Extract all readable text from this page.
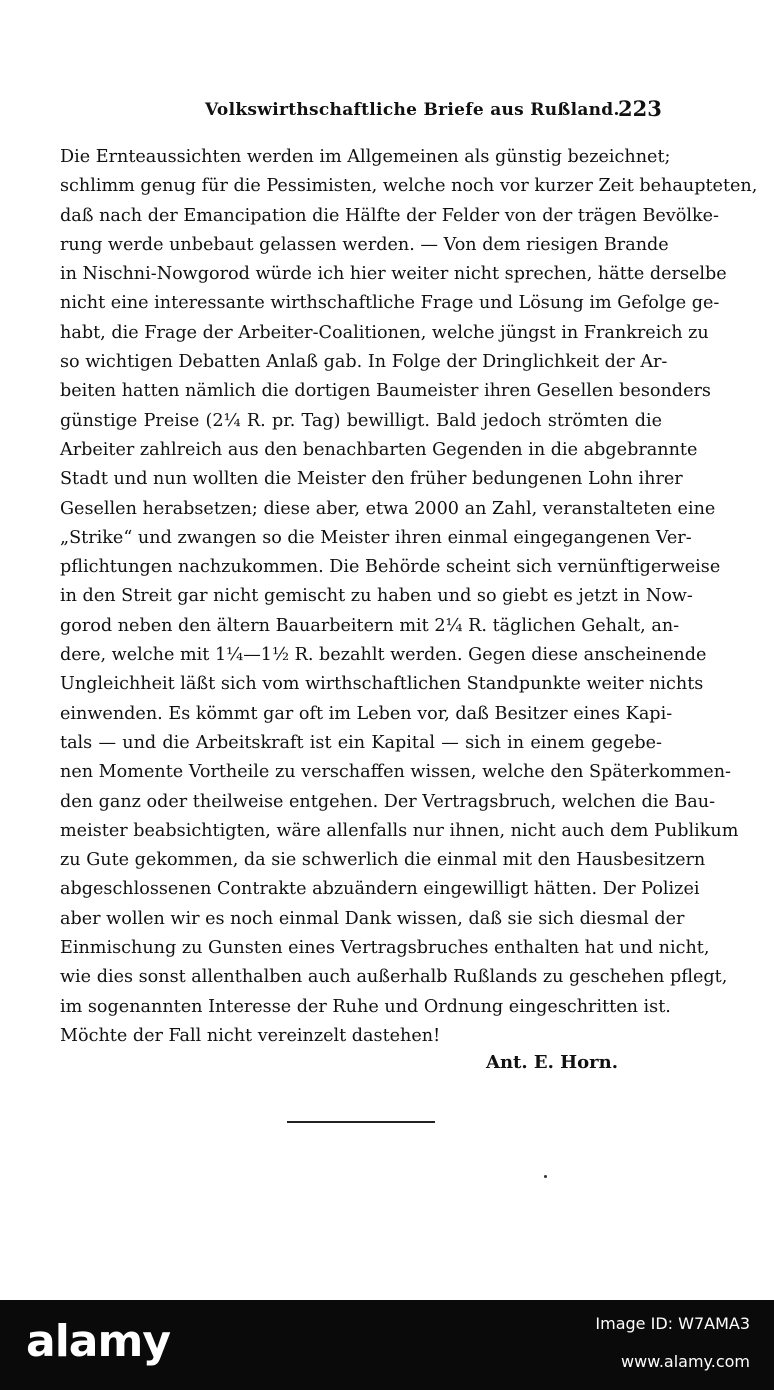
Volkswirthschaftliche Briefe aus Rußland.
223
Die Ernteaussichten werden im Allgemeinen als günstig bezeichnet;
schlimm genug für die Pessimisten, welche noch vor kurzer Zeit behaupteten,
daß nach der Emancipation die Hälfte der Felder von der trägen Bevölke-
rung werde unbebaut gelassen werden. — Von dem riesigen Brande
in Nischni-Nowgorod würde ich hier weiter nicht sprechen, hätte derselbe
nicht eine interessante wirthschaftliche Frage und Lösung im Gefolge ge-
habt, die Frage der Arbeiter-Coalitionen, welche jüngst in Frankreich zu
so wichtigen Debatten Anlaß gab. In Folge der Dringlichkeit der Ar-
beiten hatten nämlich die dortigen Baumeister ihren Gesellen besonders
günstige Preise (2¼ R. pr. Tag) bewilligt. Bald jedoch strömten die
Arbeiter zahlreich aus den benachbarten Gegenden in die abgebrannte
Stadt und nun wollten die Meister den früher bedungenen Lohn ihrer
Gesellen herabsetzen; diese aber, etwa 2000 an Zahl, veranstalteten eine
„Strike“ und zwangen so die Meister ihren einmal eingegangenen Ver-
pflichtungen nachzukommen. Die Behörde scheint sich vernünftigerweise
in den Streit gar nicht gemischt zu haben und so giebt es jetzt in Now-
gorod neben den ältern Bauarbeitern mit 2¼ R. täglichen Gehalt, an-
dere, welche mit 1¼—1½ R. bezahlt werden. Gegen diese anscheinende
Ungleichheit läßt sich vom wirthschaftlichen Standpunkte weiter nichts
einwenden. Es kömmt gar oft im Leben vor, daß Besitzer eines Kapi-
tals — und die Arbeitskraft ist ein Kapital — sich in einem gegebe-
nen Momente Vortheile zu verschaffen wissen, welche den Späterkommen-
den ganz oder theilweise entgehen. Der Vertragsbruch, welchen die Bau-
meister beabsichtigten, wäre allenfalls nur ihnen, nicht auch dem Publikum
zu Gute gekommen, da sie schwerlich die einmal mit den Hausbesitzern
abgeschlossenen Contrakte abzuändern eingewilligt hätten. Der Polizei
aber wollen wir es noch einmal Dank wissen, daß sie sich diesmal der
Einmischung zu Gunsten eines Vertragsbruches enthalten hat und nicht,
wie dies sonst allenthalben auch außerhalb Rußlands zu geschehen pflegt,
im sogenannten Interesse der Ruhe und Ordnung eingeschritten ist.
Möchte der Fall nicht vereinzelt dastehen!
Ant. E. Horn.
alamy	Image ID: W7AMA3
www.alamy.com
